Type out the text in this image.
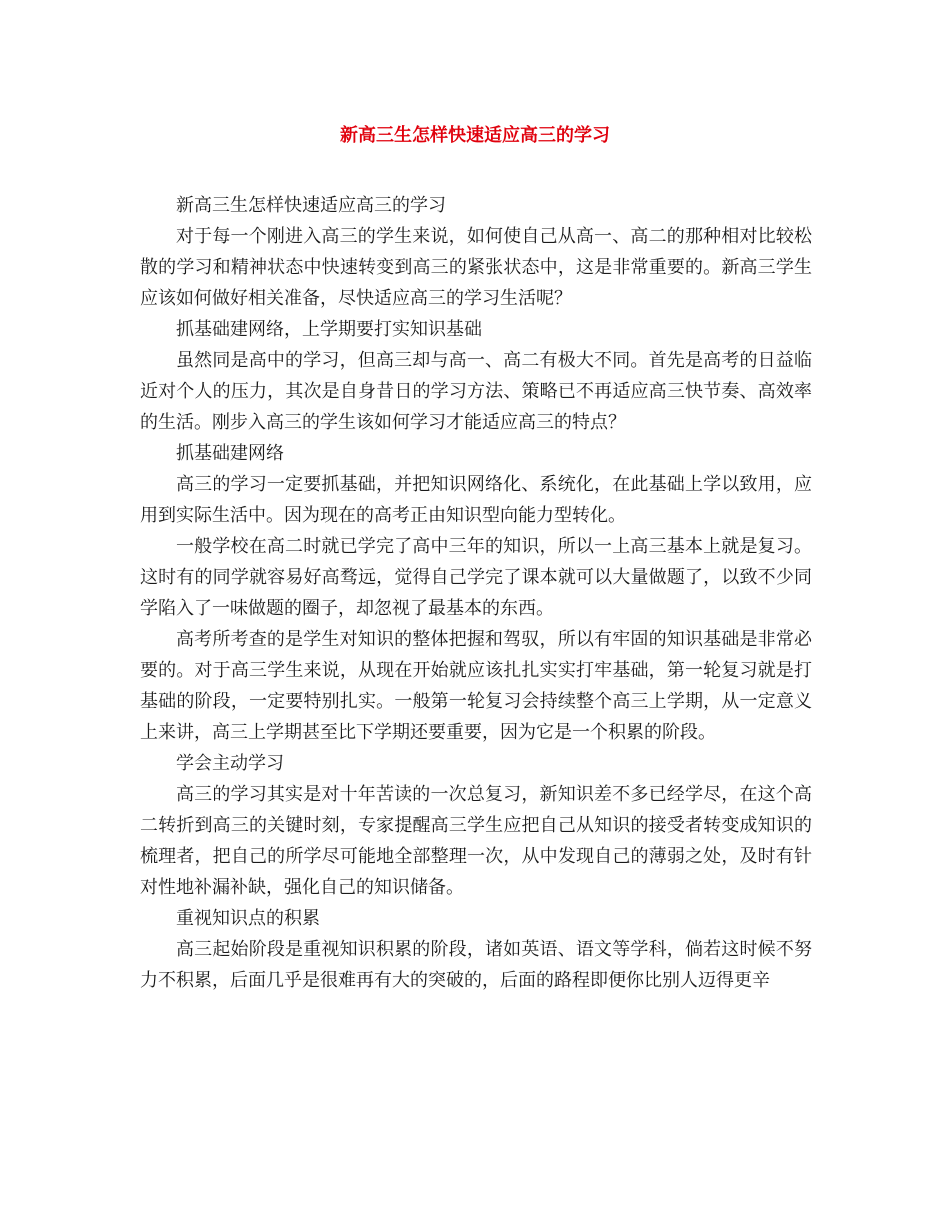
新高三生怎样快速适应高三的学习

新高三生怎样快速适应高三的学习

对于每一个刚进入高三的学生来说，如何使自己从高一、高二的那种相对比较松散的学习和精神状态中快速转变到高三的紧张状态中，这是非常重要的。新高三学生应该如何做好相关准备，尽快适应高三的学习生活呢？

抓基础建网络，上学期要打实知识基础

虽然同是高中的学习，但高三却与高一、高二有极大不同。首先是高考的日益临近对个人的压力，其次是自身昔日的学习方法、策略已不再适应高三快节奏、高效率的生活。刚步入高三的学生该如何学习才能适应高三的特点？

抓基础建网络

高三的学习一定要抓基础，并把知识网络化、系统化，在此基础上学以致用，应用到实际生活中。因为现在的高考正由知识型向能力型转化。

一般学校在高二时就已学完了高中三年的知识，所以一上高三基本上就是复习。这时有的同学就容易好高骛远，觉得自己学完了课本就可以大量做题了，以致不少同学陷入了一味做题的圈子，却忽视了最基本的东西。

高考所考查的是学生对知识的整体把握和驾驭，所以有牢固的知识基础是非常必要的。对于高三学生来说，从现在开始就应该扎扎实实打牢基础，第一轮复习就是打基础的阶段，一定要特别扎实。一般第一轮复习会持续整个高三上学期，从一定意义上来讲，高三上学期甚至比下学期还要重要，因为它是一个积累的阶段。

学会主动学习

高三的学习其实是对十年苦读的一次总复习，新知识差不多已经学尽，在这个高二转折到高三的关键时刻，专家提醒高三学生应把自己从知识的接受者转变成知识的梳理者，把自己的所学尽可能地全部整理一次，从中发现自己的薄弱之处，及时有针对性地补漏补缺，强化自己的知识储备。

重视知识点的积累

高三起始阶段是重视知识积累的阶段，诸如英语、语文等学科，倘若这时候不努力不积累，后面几乎是很难再有大的突破的，后面的路程即便你比别人迈得更辛
